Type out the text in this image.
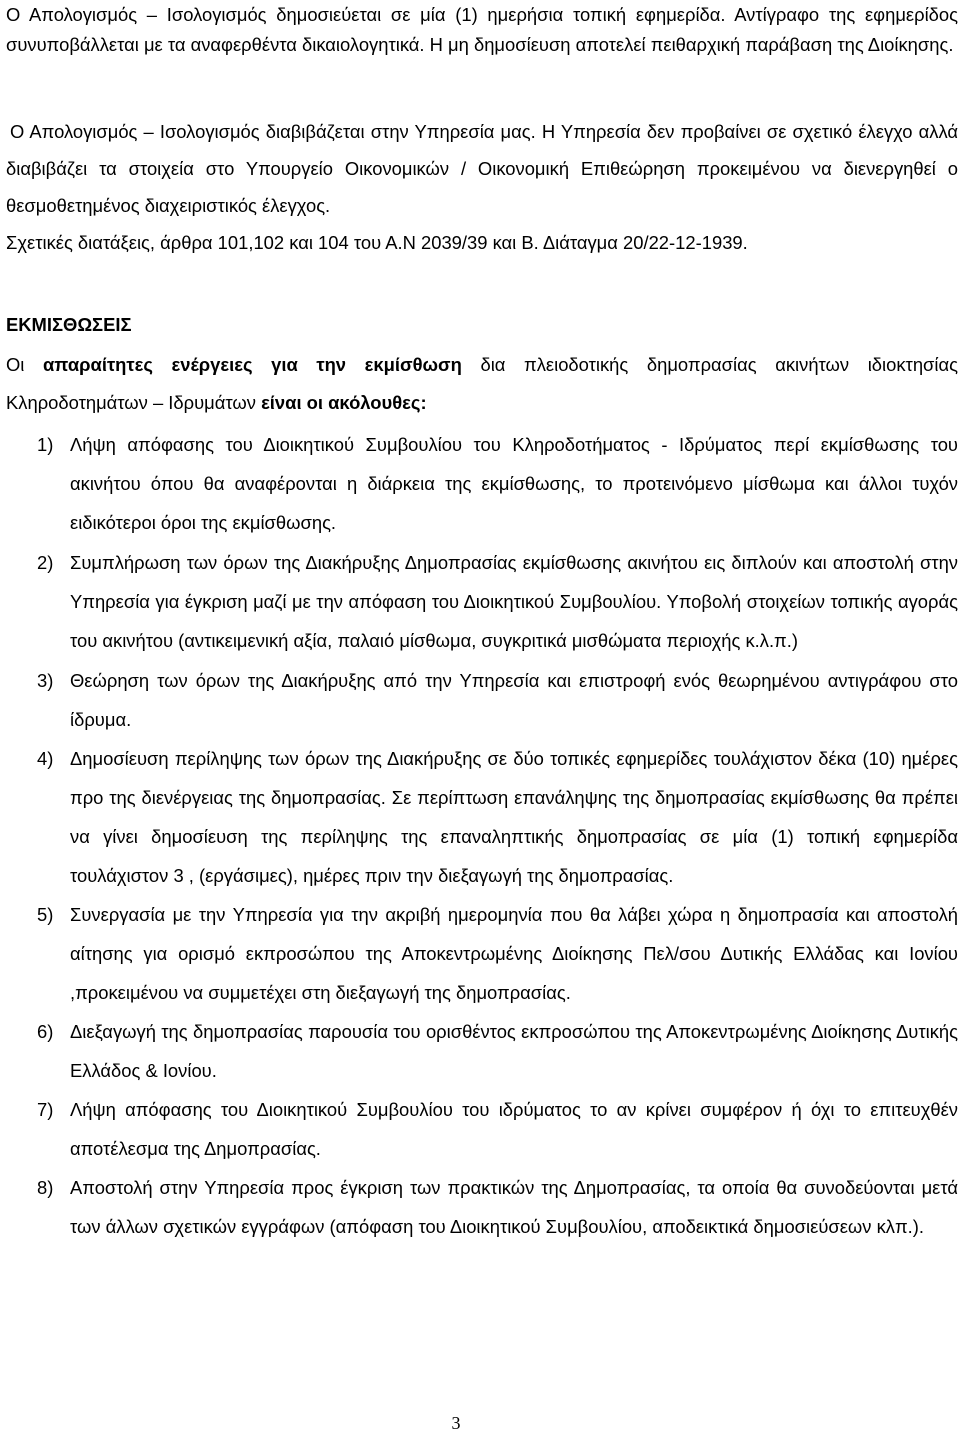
Ο Απολογισμός – Ισολογισμός δημοσιεύεται σε μία (1) ημερήσια τοπική εφημερίδα. Αντίγραφο της εφημερίδος συνυποβάλλεται με τα αναφερθέντα δικαιολογητικά. Η μη δημοσίευση αποτελεί πειθαρχική παράβαση της Διοίκησης.

Ο Απολογισμός – Ισολογισμός διαβιβάζεται στην Υπηρεσία μας. Η Υπηρεσία δεν προβαίνει σε σχετικό έλεγχο αλλά διαβιβάζει τα στοιχεία στο Υπουργείο Οικονομικών / Οικονομική Επιθεώρηση προκειμένου να διενεργηθεί ο θεσμοθετημένος διαχειριστικός έλεγχος.
Σχετικές διατάξεις, άρθρα 101,102 και 104 του Α.Ν 2039/39 και Β. Διάταγμα 20/22-12-1939.
ΕΚΜΙΣΘΩΣΕΙΣ

Οι απαραίτητες ενέργειες για την εκμίσθωση δια πλειοδοτικής δημοπρασίας ακινήτων ιδιοκτησίας Κληροδοτημάτων – Ιδρυμάτων είναι οι ακόλουθες:

1) Λήψη απόφασης του Διοικητικού Συμβουλίου του Κληροδοτήματος - Ιδρύματος περί εκμίσθωσης του ακινήτου όπου θα αναφέρονται η διάρκεια της εκμίσθωσης, το προτεινόμενο μίσθωμα και άλλοι τυχόν ειδικότεροι όροι της εκμίσθωσης.
2) Συμπλήρωση των όρων της Διακήρυξης Δημοπρασίας εκμίσθωσης ακινήτου εις διπλούν και αποστολή στην Υπηρεσία για έγκριση μαζί με την απόφαση του Διοικητικού Συμβουλίου. Υποβολή στοιχείων τοπικής αγοράς του ακινήτου (αντικειμενική αξία, παλαιό μίσθωμα, συγκριτικά μισθώματα περιοχής κ.λ.π.)
3) Θεώρηση των όρων της Διακήρυξης από την Υπηρεσία και επιστροφή ενός θεωρημένου αντιγράφου στο ίδρυμα.
4) Δημοσίευση περίληψης των όρων της Διακήρυξης σε δύο τοπικές εφημερίδες τουλάχιστον δέκα (10) ημέρες προ της διενέργειας της δημοπρασίας. Σε περίπτωση επανάληψης της δημοπρασίας εκμίσθωσης θα πρέπει να γίνει δημοσίευση της περίληψης της επαναληπτικής δημοπρασίας σε μία (1) τοπική εφημερίδα τουλάχιστον 3 , (εργάσιμες), ημέρες πριν την διεξαγωγή της δημοπρασίας.
5) Συνεργασία με την Υπηρεσία για την ακριβή ημερομηνία που θα λάβει χώρα η δημοπρασία και αποστολή αίτησης για ορισμό εκπροσώπου της Αποκεντρωμένης Διοίκησης Πελ/σου Δυτικής Ελλάδας και Ιονίου ,προκειμένου να συμμετέχει στη διεξαγωγή της δημοπρασίας.
6) Διεξαγωγή της δημοπρασίας παρουσία του ορισθέντος εκπροσώπου της Αποκεντρωμένης Διοίκησης Δυτικής Ελλάδος & Ιονίου.
7) Λήψη απόφασης του Διοικητικού Συμβουλίου του ιδρύματος το αν κρίνει συμφέρον ή όχι το επιτευχθέν αποτέλεσμα της Δημοπρασίας.
8) Αποστολή στην Υπηρεσία προς έγκριση των πρακτικών της Δημοπρασίας, τα οποία θα συνοδεύονται μετά των άλλων σχετικών εγγράφων (απόφαση του Διοικητικού Συμβουλίου, αποδεικτικά δημοσιεύσεων κλπ.).
3
